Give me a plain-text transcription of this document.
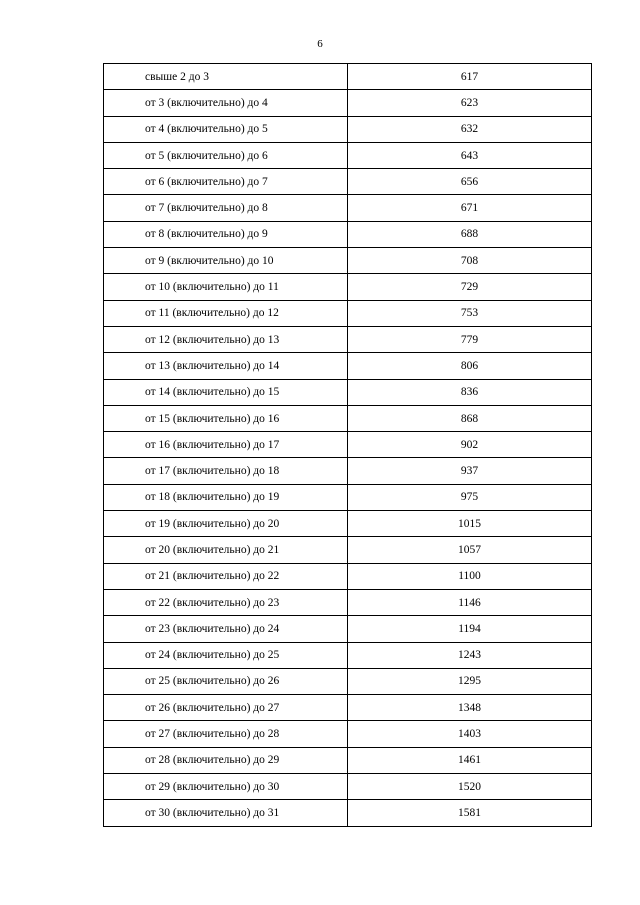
6
свыше 2 до 3	617
от 3 (включительно) до 4	623
от 4 (включительно) до 5	632
от 5 (включительно) до 6	643
от 6 (включительно) до 7	656
от 7 (включительно) до 8	671
от 8 (включительно) до 9	688
от 9 (включительно) до 10	708
от 10 (включительно) до 11	729
от 11 (включительно) до 12	753
от 12 (включительно) до 13	779
от 13 (включительно) до 14	806
от 14 (включительно) до 15	836
от 15 (включительно) до 16	868
от 16 (включительно) до 17	902
от 17 (включительно) до 18	937
от 18 (включительно) до 19	975
от 19 (включительно) до 20	1015
от 20 (включительно) до 21	1057
от 21 (включительно) до 22	1100
от 22 (включительно) до 23	1146
от 23 (включительно) до 24	1194
от 24 (включительно) до 25	1243
от 25 (включительно) до 26	1295
от 26 (включительно) до 27	1348
от 27 (включительно) до 28	1403
от 28 (включительно) до 29	1461
от 29 (включительно) до 30	1520
от 30 (включительно) до 31	1581
